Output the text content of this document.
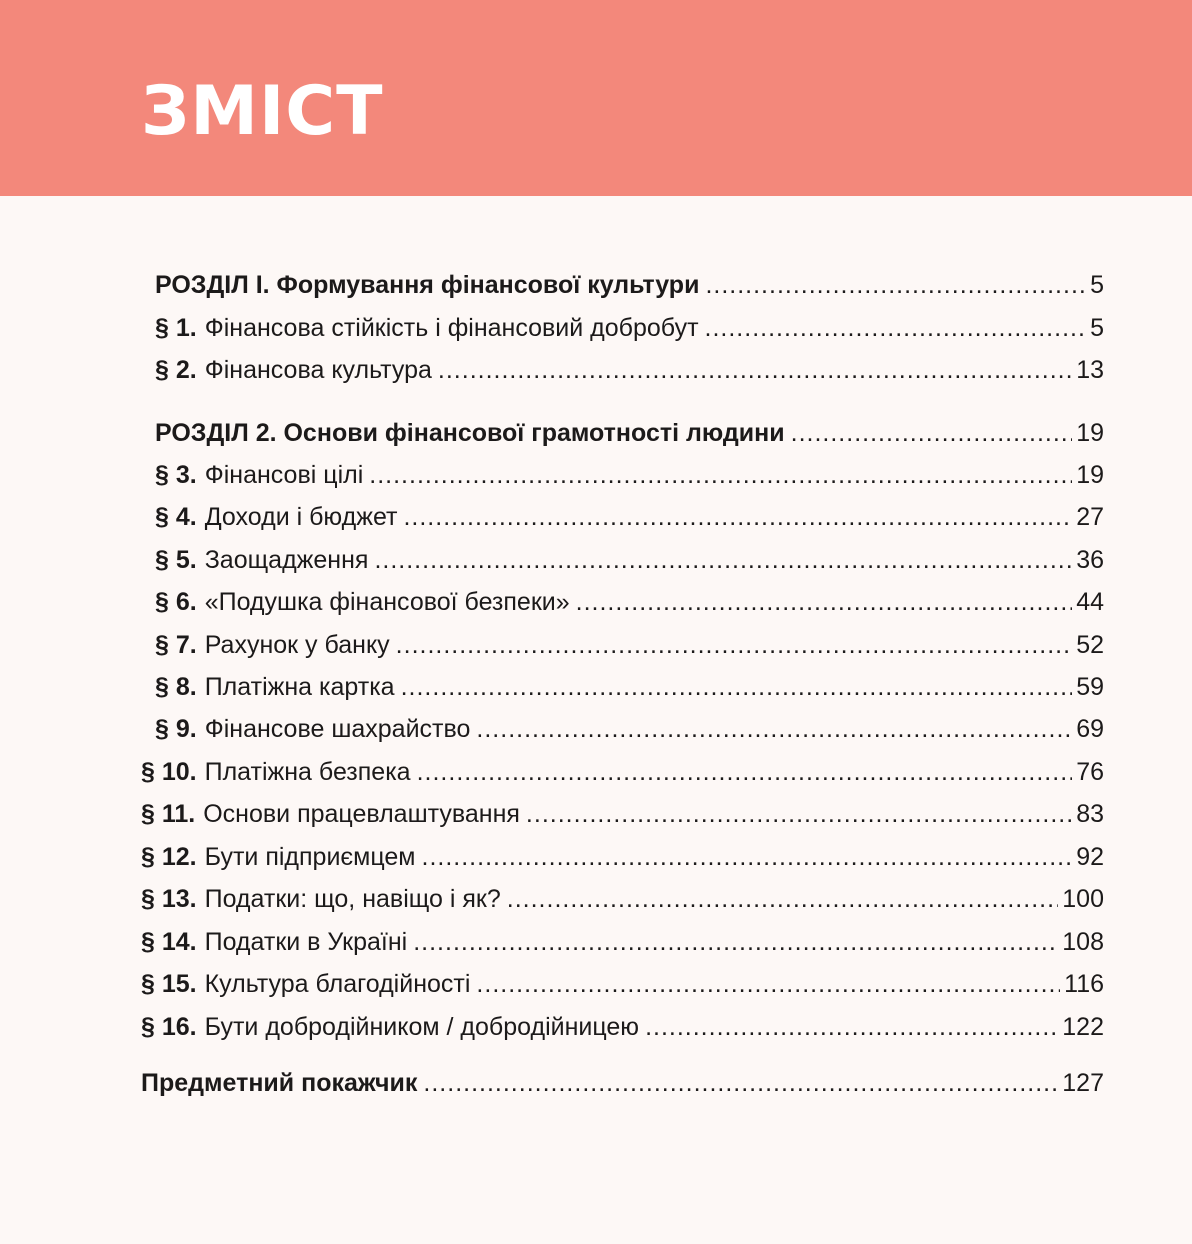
ЗМІСТ
РОЗДІЛ І. Формування фінансової культури .....	5
§ 1. Фінансова стійкість і фінансовий добробут .....	5
§ 2. Фінансова культура .....	13
РОЗДІЛ 2. Основи фінансової грамотності людини .....	19
§ 3. Фінансові цілі .....	19
§ 4. Доходи і бюджет .....	27
§ 5. Заощадження .....	36
§ 6. «Подушка фінансової безпеки» .....	44
§ 7. Рахунок у банку .....	52
§ 8. Платіжна картка .....	59
§ 9. Фінансове шахрайство .....	69
§ 10. Платіжна безпека .....	76
§ 11. Основи працевлаштування .....	83
§ 12. Бути підприємцем .....	92
§ 13. Податки: що, навіщо і як? .....	100
§ 14. Податки в Україні .....	108
§ 15. Культура благодійності .....	116
§ 16. Бути добродійником / добродійницею .....	122
Предметний покажчик .....	127
